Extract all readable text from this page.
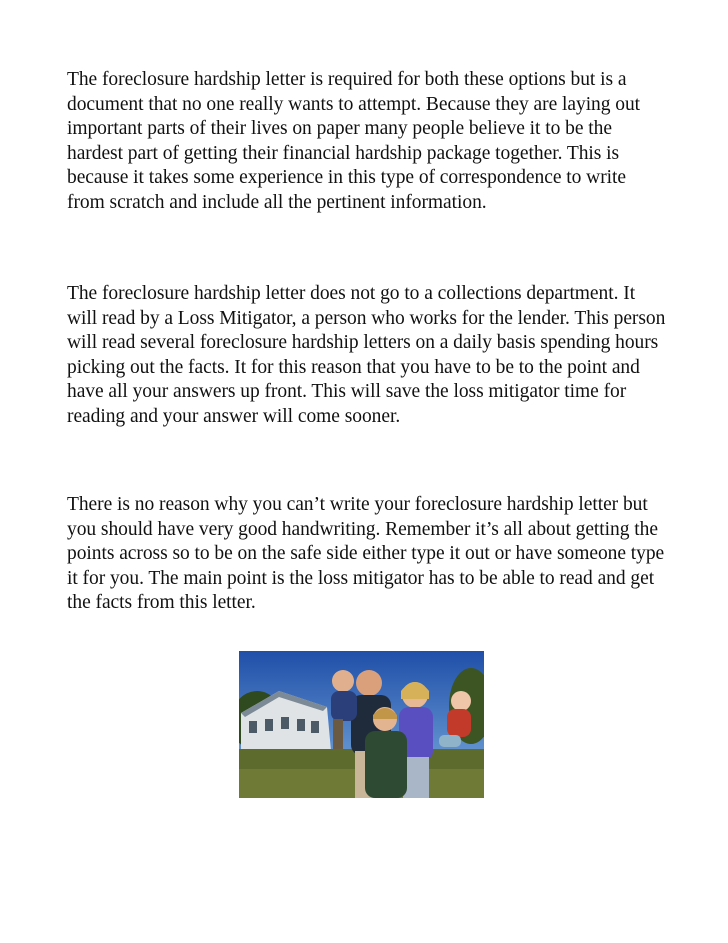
The foreclosure hardship letter is required for both these options but is a document that no one really wants to attempt. Because they are laying out important parts of their lives on paper many people believe it to be the hardest part of getting their financial hardship package together. This is because it takes some experience in this type of correspondence to write from scratch and include all the pertinent information.

The foreclosure hardship letter does not go to a collections department. It will read by a Loss Mitigator, a person who works for the lender. This person will read several foreclosure hardship letters on a daily basis spending hours picking out the facts. It for this reason that you have to be to the point and have all your answers up front. This will save the loss mitigator time for reading and your answer will come sooner.

There is no reason why you can’t write your foreclosure hardship letter but you should have very good handwriting. Remember it’s all about getting the points across so to be on the safe side either type it out or have someone type it for you. The main point is the loss mitigator has to be able to read and get the facts from this letter.
